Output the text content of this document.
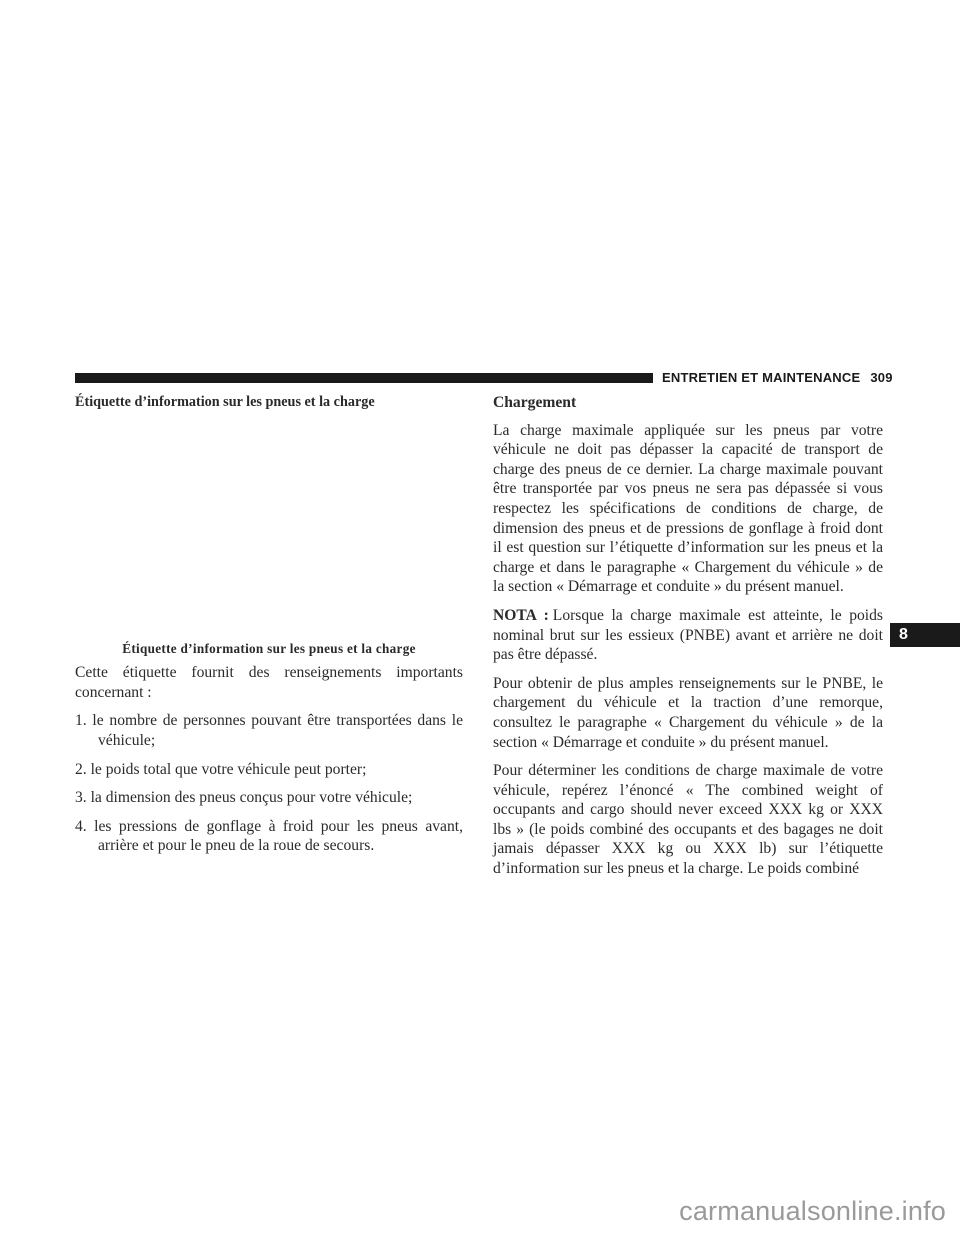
ENTRETIEN ET MAINTENANCE 309
Étiquette d’information sur les pneus et la charge
Étiquette d’information sur les pneus et la charge

Cette étiquette fournit des renseignements importants concernant :

1. le nombre de personnes pouvant être transportées dans le véhicule;
2. le poids total que votre véhicule peut porter;
3. la dimension des pneus conçus pour votre véhicule;
4. les pressions de gonflage à froid pour les pneus avant, arrière et pour le pneu de la roue de secours.
Chargement

La charge maximale appliquée sur les pneus par votre véhicule ne doit pas dépasser la capacité de transport de charge des pneus de ce dernier. La charge maximale pouvant être transportée par vos pneus ne sera pas dépassée si vous respectez les spécifications de conditions de charge, de dimension des pneus et de pressions de gonflage à froid dont il est question sur l’étiquette d’information sur les pneus et la charge et dans le paragraphe « Chargement du véhicule » de la section « Démarrage et conduite » du présent manuel.

NOTA : Lorsque la charge maximale est atteinte, le poids nominal brut sur les essieux (PNBE) avant et arrière ne doit pas être dépassé.

Pour obtenir de plus amples renseignements sur le PNBE, le chargement du véhicule et la traction d’une remorque, consultez le paragraphe « Chargement du véhicule » de la section « Démarrage et conduite » du présent manuel.

Pour déterminer les conditions de charge maximale de votre véhicule, repérez l’énoncé « The combined weight of occupants and cargo should never exceed XXX kg or XXX lbs » (le poids combiné des occupants et des bagages ne doit jamais dépasser XXX kg ou XXX lb) sur l’étiquette d’information sur les pneus et la charge. Le poids combiné

8
carmanualsonline.info
